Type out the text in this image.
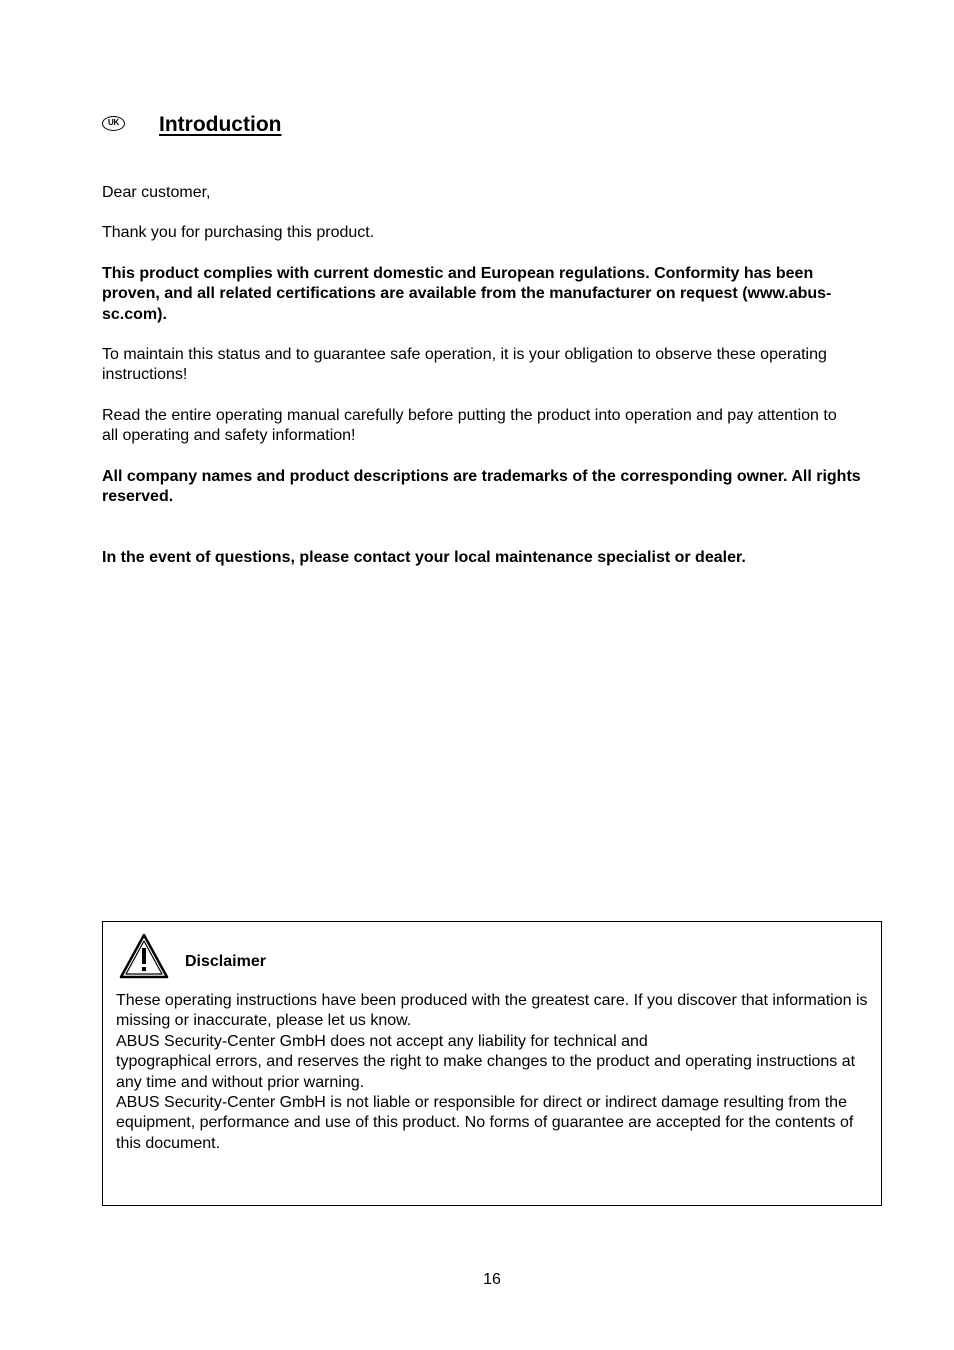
UK Introduction

Dear customer,

Thank you for purchasing this product.

This product complies with current domestic and European regulations. Conformity has been proven, and all related certifications are available from the manufacturer on request (www.abus-sc.com).

To maintain this status and to guarantee safe operation, it is your obligation to observe these operating instructions!

Read the entire operating manual carefully before putting the product into operation and pay attention to all operating and safety information!

All company names and product descriptions are trademarks of the corresponding owner. All rights reserved.

In the event of questions, please contact your local maintenance specialist or dealer.

Disclaimer

These operating instructions have been produced with the greatest care. If you discover that information is missing or inaccurate, please let us know.

ABUS Security-Center GmbH does not accept any liability for technical and

typographical errors, and reserves the right to make changes to the product and operating instructions at any time and without prior warning.

ABUS Security-Center GmbH is not liable or responsible for direct or indirect damage resulting from the equipment, performance and use of this product. No forms of guarantee are accepted for the contents of this document.

16
